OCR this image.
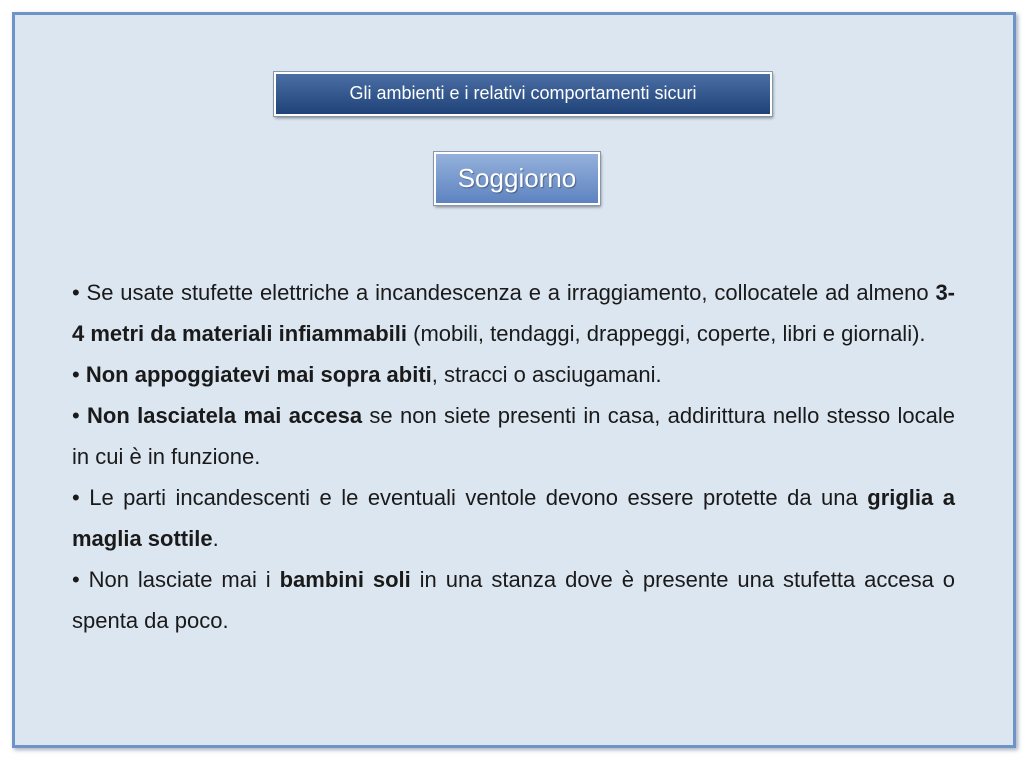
Gli ambienti e i relativi comportamenti sicuri
Soggiorno

• Se usate stufette elettriche a incandescenza e a irraggiamento, collocatele ad almeno 3-4 metri da materiali infiammabili (mobili, tendaggi, drappeggi, coperte, libri e giornali).

• Non appoggiatevi mai sopra abiti, stracci o asciugamani.

• Non lasciatela mai accesa se non siete presenti in casa, addirittura nello stesso locale in cui è in funzione.

• Le parti incandescenti e le eventuali ventole devono essere protette da una griglia a maglia sottile.

• Non lasciate mai i bambini soli in una stanza dove è presente una stufetta accesa o spenta da poco.
